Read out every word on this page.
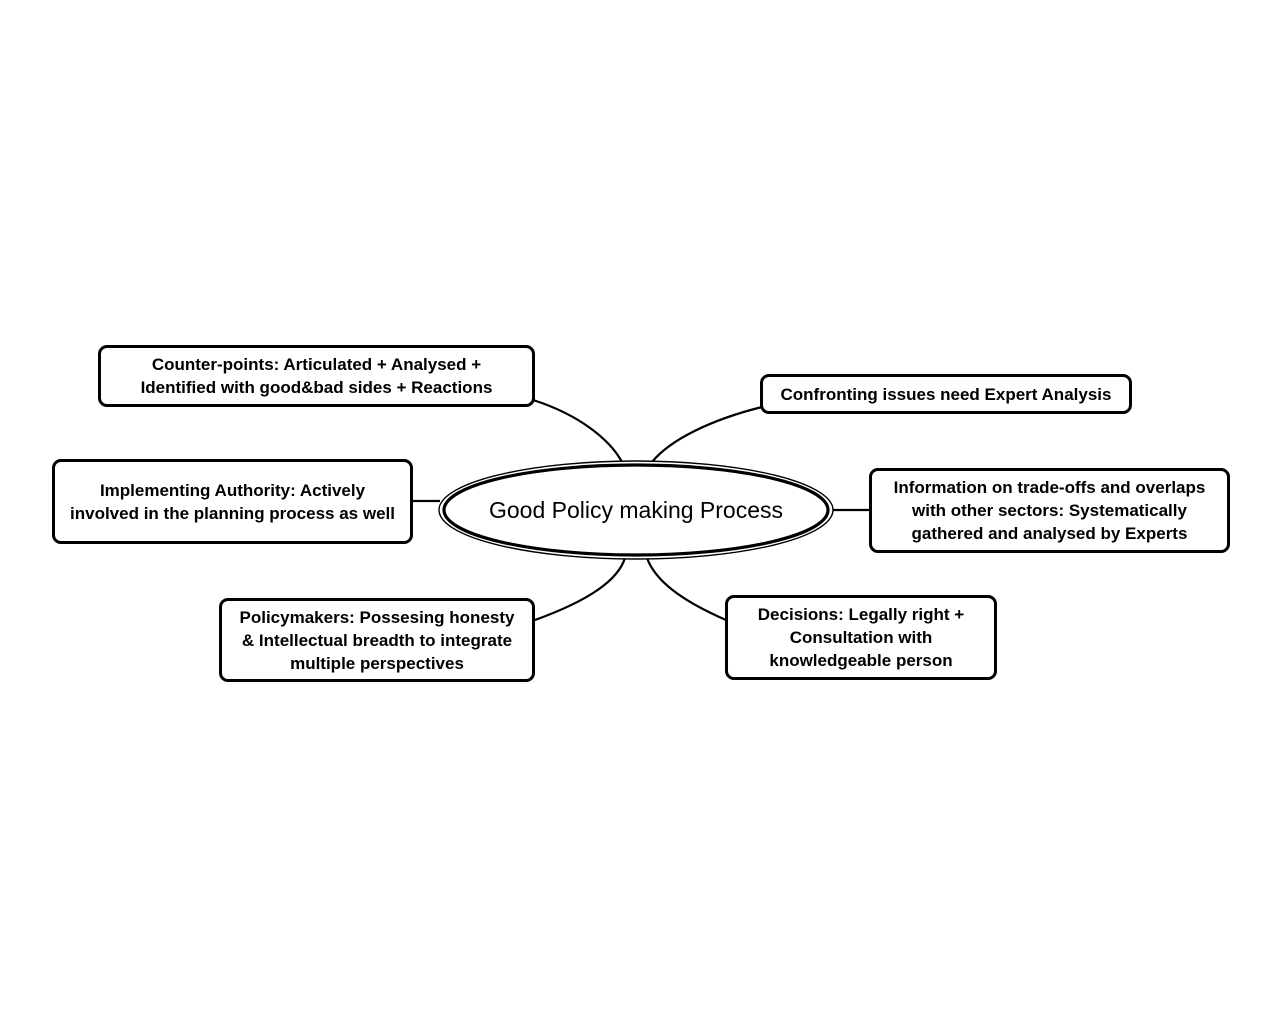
Good Policy making Process
Counter-points: Articulated + Analysed + Identified with good&bad sides + Reactions
Implementing Authority: Actively involved in the planning process as well
Policymakers: Possesing honesty & Intellectual breadth to integrate multiple perspectives
Confronting issues need Expert Analysis
Information on trade-offs and overlaps with other sectors: Systematically gathered and analysed by Experts
Decisions: Legally right + Consultation with knowledgeable person
